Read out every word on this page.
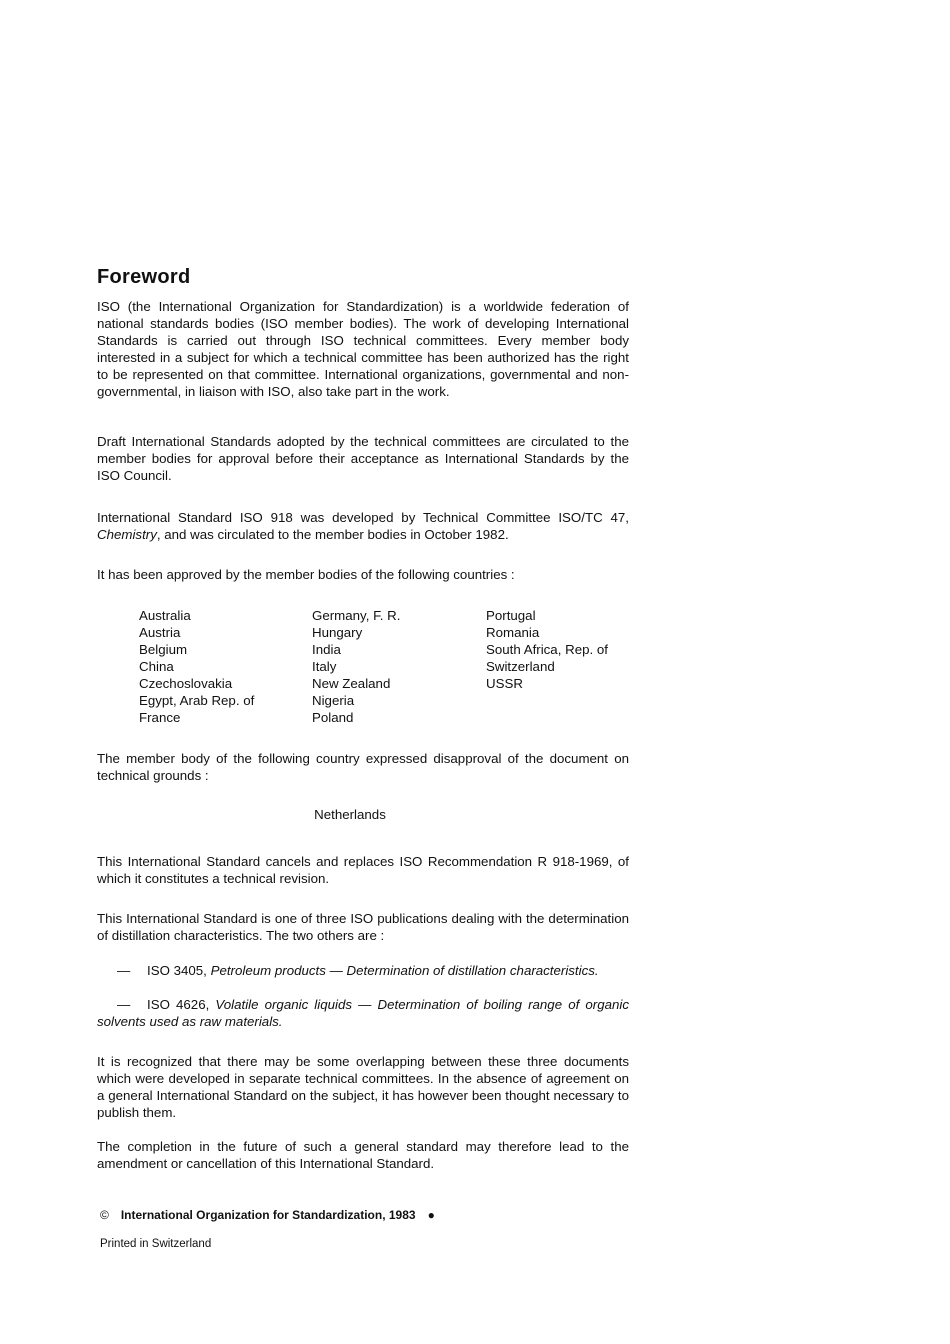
Foreword

ISO (the International Organization for Standardization) is a worldwide federation of national standards bodies (ISO member bodies). The work of developing International Standards is carried out through ISO technical committees. Every member body interested in a subject for which a technical committee has been authorized has the right to be represented on that committee. International organizations, governmental and non-governmental, in liaison with ISO, also take part in the work.

Draft International Standards adopted by the technical committees are circulated to the member bodies for approval before their acceptance as International Standards by the ISO Council.

International Standard ISO 918 was developed by Technical Committee ISO/TC 47, Chemistry, and was circulated to the member bodies in October 1982.

It has been approved by the member bodies of the following countries :

Australia
Austria
Belgium
China
Czechoslovakia
Egypt, Arab Rep. of
France
Germany, F. R.
Hungary
India
Italy
New Zealand
Nigeria
Poland
Portugal
Romania
South Africa, Rep. of
Switzerland
USSR

The member body of the following country expressed disapproval of the document on technical grounds :

Netherlands

This International Standard cancels and replaces ISO Recommendation R 918-1969, of which it constitutes a technical revision.

This International Standard is one of three ISO publications dealing with the determination of distillation characteristics. The two others are :

— ISO 3405, Petroleum products — Determination of distillation characteristics.

— ISO 4626, Volatile organic liquids — Determination of boiling range of organic solvents used as raw materials.

It is recognized that there may be some overlapping between these three documents which were developed in separate technical committees. In the absence of agreement on a general International Standard on the subject, it has however been thought necessary to publish them.

The completion in the future of such a general standard may therefore lead to the amendment or cancellation of this International Standard.

© International Organization for Standardization, 1983 ●
Printed in Switzerland
